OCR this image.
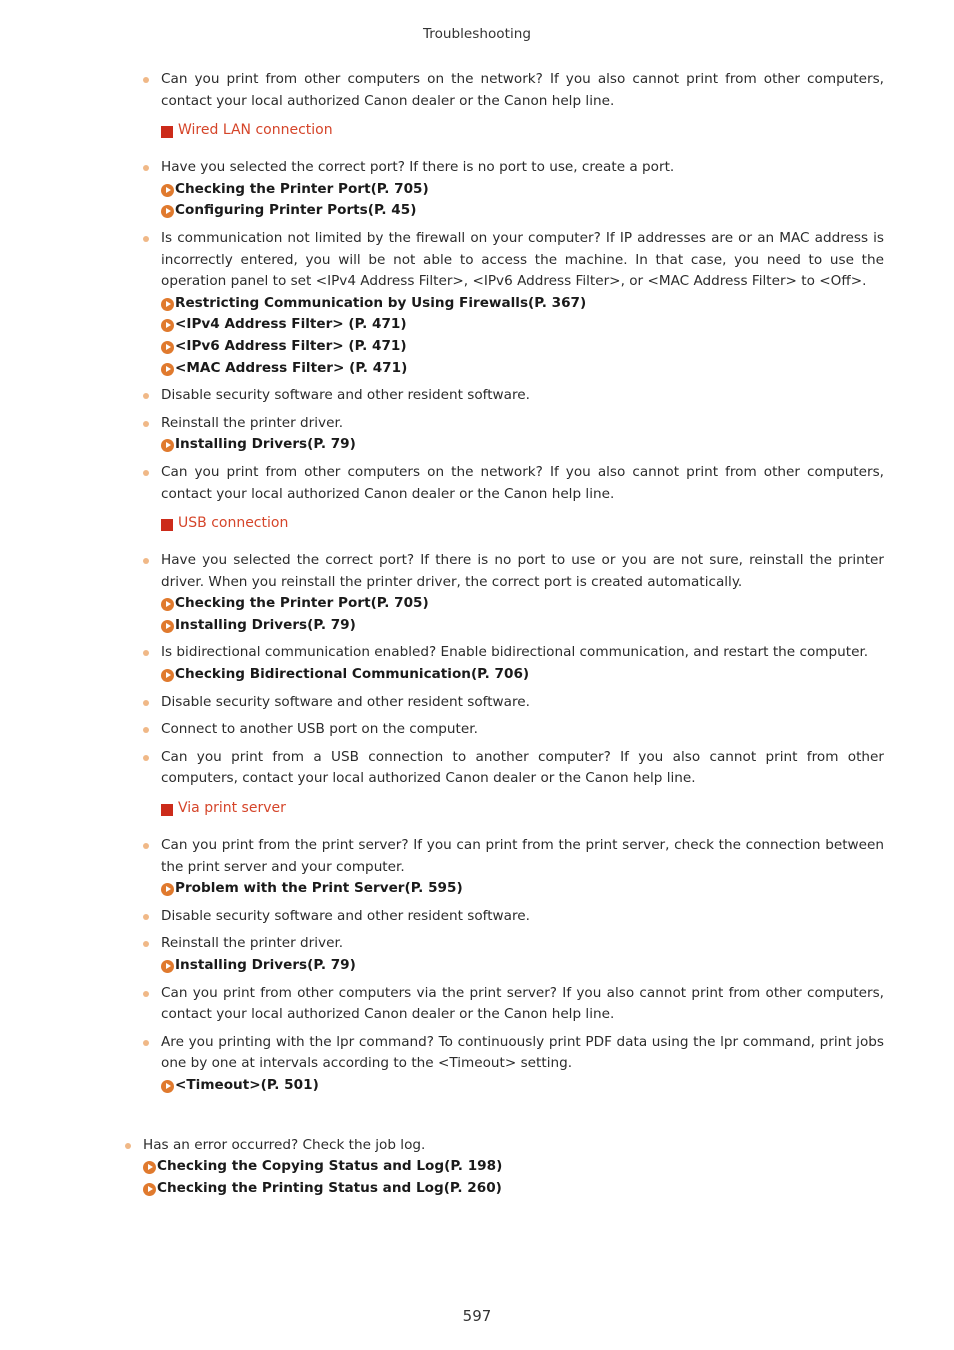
Troubleshooting
Can you print from other computers on the network? If you also cannot print from other computers, contact your local authorized Canon dealer or the Canon help line.
Wired LAN connection
Have you selected the correct port? If there is no port to use, create a port.
Checking the Printer Port(P. 705)
Configuring Printer Ports(P. 45)
Is communication not limited by the firewall on your computer? If IP addresses are or an MAC address is incorrectly entered, you will be not able to access the machine. In that case, you need to use the operation panel to set <IPv4 Address Filter>, <IPv6 Address Filter>, or <MAC Address Filter> to <Off>.
Restricting Communication by Using Firewalls(P. 367)
<IPv4 Address Filter> (P. 471)
<IPv6 Address Filter> (P. 471)
<MAC Address Filter> (P. 471)
Disable security software and other resident software.
Reinstall the printer driver.
Installing Drivers(P. 79)
Can you print from other computers on the network? If you also cannot print from other computers, contact your local authorized Canon dealer or the Canon help line.
USB connection
Have you selected the correct port? If there is no port to use or you are not sure, reinstall the printer driver. When you reinstall the printer driver, the correct port is created automatically.
Checking the Printer Port(P. 705)
Installing Drivers(P. 79)
Is bidirectional communication enabled? Enable bidirectional communication, and restart the computer.
Checking Bidirectional Communication(P. 706)
Disable security software and other resident software.
Connect to another USB port on the computer.
Can you print from a USB connection to another computer? If you also cannot print from other computers, contact your local authorized Canon dealer or the Canon help line.
Via print server
Can you print from the print server? If you can print from the print server, check the connection between the print server and your computer.
Problem with the Print Server(P. 595)
Disable security software and other resident software.
Reinstall the printer driver.
Installing Drivers(P. 79)
Can you print from other computers via the print server? If you also cannot print from other computers, contact your local authorized Canon dealer or the Canon help line.
Are you printing with the lpr command? To continuously print PDF data using the lpr command, print jobs one by one at intervals according to the <Timeout> setting.
<Timeout>(P. 501)
Has an error occurred? Check the job log.
Checking the Copying Status and Log(P. 198)
Checking the Printing Status and Log(P. 260)
597
